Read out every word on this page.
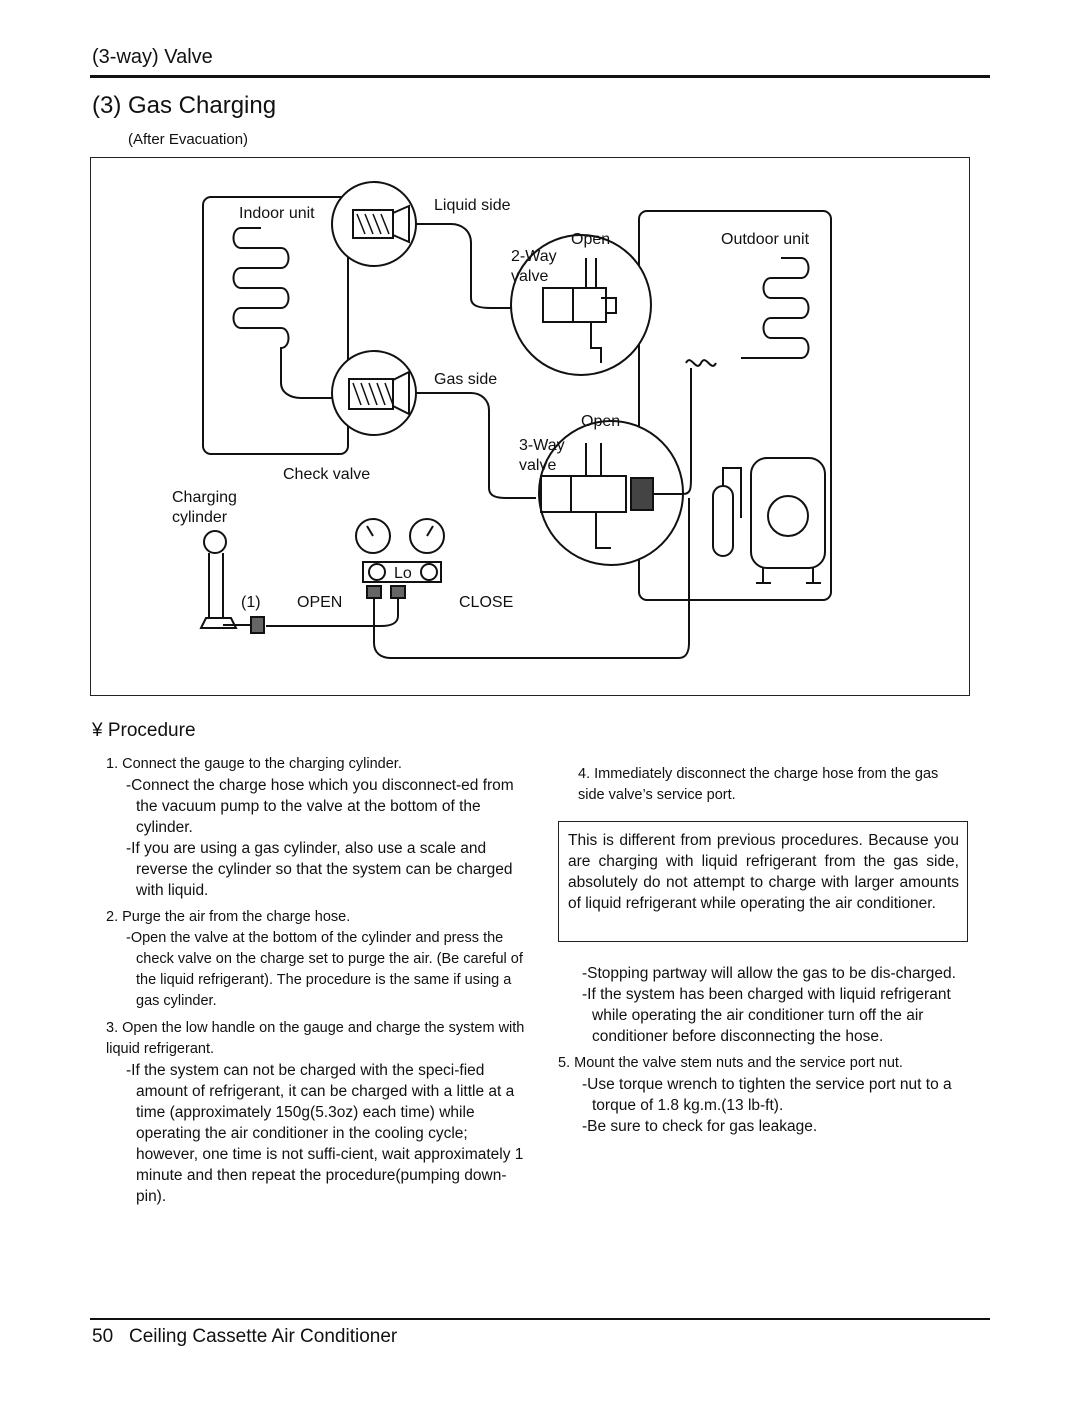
(3-way) Valve
(3) Gas Charging
(After Evacuation)
Indoor unit	Liquid side
Open
2-Way
valve
Outdoor unit
Gas side
Open
3-Way
valve
Check valve
Charging
cylinder
Lo
(1) OPEN	CLOSE
¥ Procedure

1. Connect the gauge to the charging cylinder.

-Connect the charge hose which you disconnect-ed from the vacuum pump to the valve at the bottom of the cylinder.

-If you are using a gas cylinder, also use a scale and reverse the cylinder so that the system can be charged with liquid.

2. Purge the air from the charge hose.

-Open the valve at the bottom of the cylinder and press the check valve on the charge set to purge the air. (Be careful of the liquid refrigerant). The procedure is the same if using a gas cylinder.

3. Open the low handle on the gauge and charge the system with liquid refrigerant.

-If the system can not be charged with the speci-fied amount of refrigerant, it can be charged with a little at a time (approximately 150g(5.3oz) each time) while operating the air conditioner in the cooling cycle; however, one time is not suffi-cient, wait approximately 1 minute and then repeat the procedure(pumping down-pin).

4. Immediately disconnect the charge hose from the gas side valve’s service port.

This is different from previous procedures. Because you are charging with liquid refrigerant from the gas side, absolutely do not attempt to charge with larger amounts of liquid refrigerant while operating the air conditioner.

-Stopping partway will allow the gas to be dis-charged.

-If the system has been charged with liquid refrigerant while operating the air conditioner turn off the air conditioner before disconnecting the hose.

5. Mount the valve stem nuts and the service port nut.

-Use torque wrench to tighten the service port nut to a torque of 1.8 kg.m.(13 lb-ft).

-Be sure to check for gas leakage.

50 Ceiling Cassette Air Conditioner
